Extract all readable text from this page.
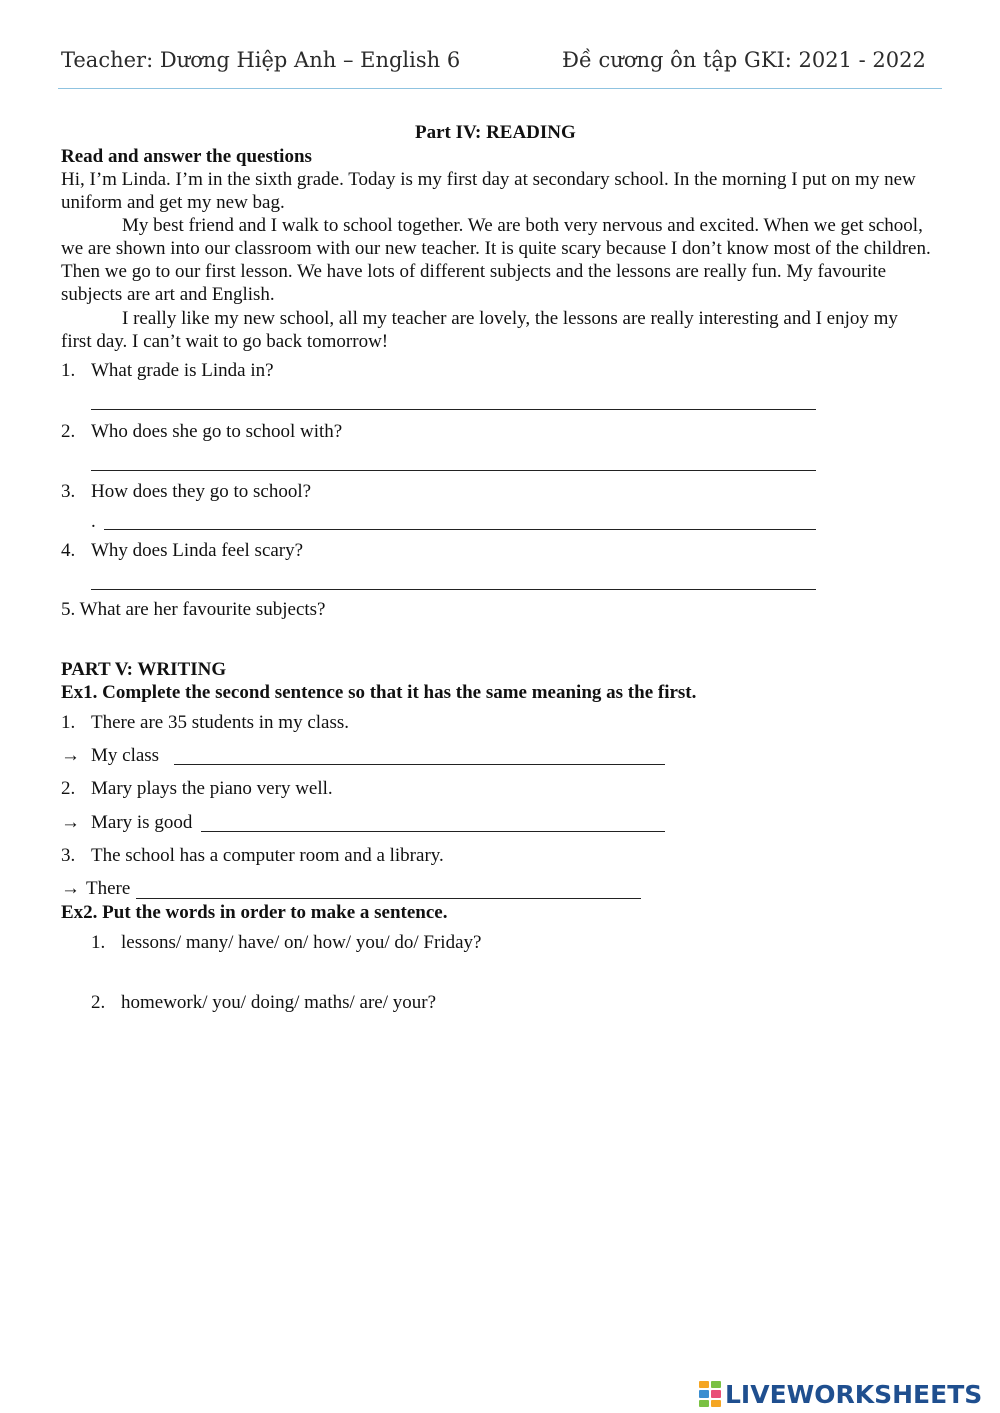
Teacher: Dương Hiệp Anh – English 6	Đề cương ôn tập GKI: 2021 - 2022
Part IV: READING
Read and answer the questions
Hi, I’m Linda. I’m in the sixth grade. Today is my first day at secondary school. In the morning I put on my new uniform and get my new bag.
My best friend and I walk to school together. We are both very nervous and excited. When we get school, we are shown into our classroom with our new teacher. It is quite scary because I don’t know most of the children. Then we go to our first lesson. We have lots of different subjects and the lessons are really fun. My favourite subjects are art and English.
I really like my new school, all my teacher are lovely, the lessons are really interesting and I enjoy my first day. I can’t wait to go back tomorrow!
1. What grade is Linda in?
2. Who does she go to school with?
3. How does they go to school?
.
4. Why does Linda feel scary?
5. What are her favourite subjects?
PART V: WRITING
Ex1. Complete the second sentence so that it has the same meaning as the first.
1. There are 35 students in my class.
→ My class
2. Mary plays the piano very well.
→ Mary is good
3. The school has a computer room and a library.
→ There
Ex2. Put the words in order to make a sentence.
1. lessons/ many/ have/ on/ how/ you/ do/ Friday?
2. homework/ you/ doing/ maths/ are/ your?
LIVEWORKSHEETS
